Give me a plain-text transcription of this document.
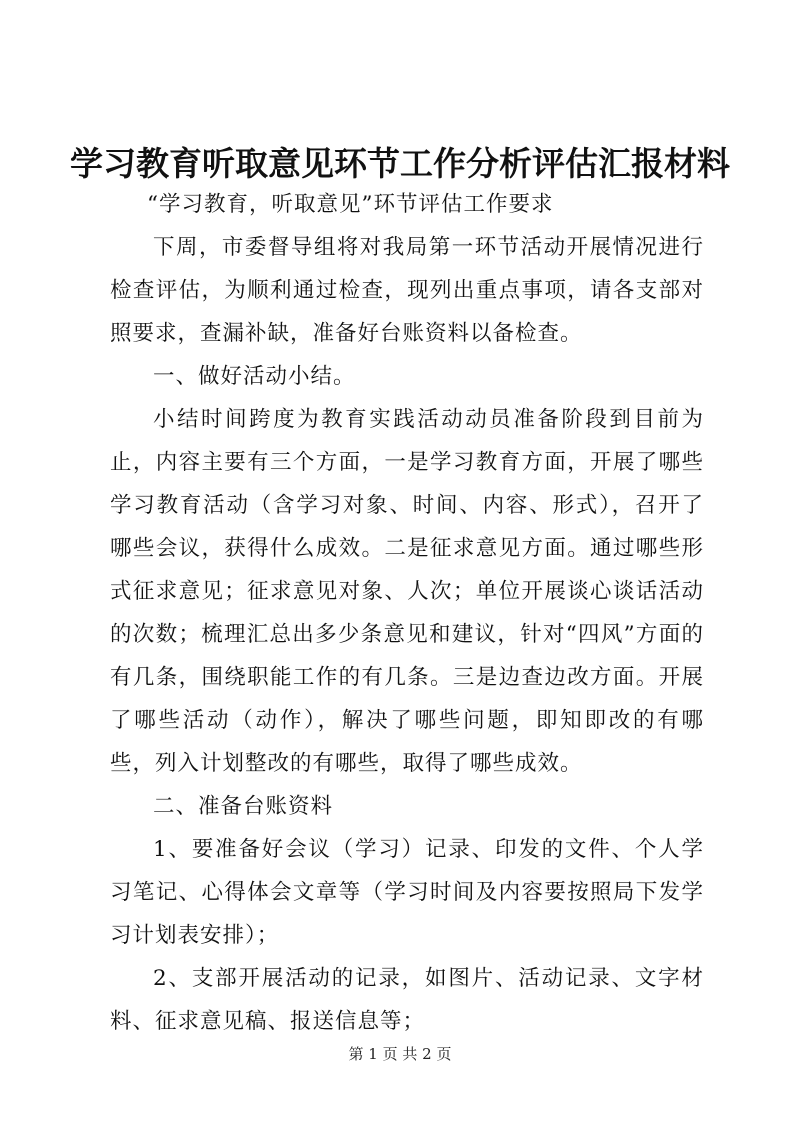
学习教育听取意见环节工作分析评估汇报材料

“学习教育，听取意见”环节评估工作要求

下周，市委督导组将对我局第一环节活动开展情况进行检查评估，为顺利通过检查，现列出重点事项，请各支部对照要求，查漏补缺，准备好台账资料以备检查。

一、做好活动小结。

小结时间跨度为教育实践活动动员准备阶段到目前为止，内容主要有三个方面，一是学习教育方面，开展了哪些学习教育活动（含学习对象、时间、内容、形式），召开了哪些会议，获得什么成效。二是征求意见方面。通过哪些形式征求意见；征求意见对象、人次；单位开展谈心谈话活动的次数；梳理汇总出多少条意见和建议，针对“四风”方面的有几条，围绕职能工作的有几条。三是边查边改方面。开展了哪些活动（动作），解决了哪些问题，即知即改的有哪些，列入计划整改的有哪些，取得了哪些成效。

二、准备台账资料

1、要准备好会议（学习）记录、印发的文件、个人学习笔记、心得体会文章等（学习时间及内容要按照局下发学习计划表安排）；

2、支部开展活动的记录，如图片、活动记录、文字材料、征求意见稿、报送信息等；

第 1 页 共 2 页
